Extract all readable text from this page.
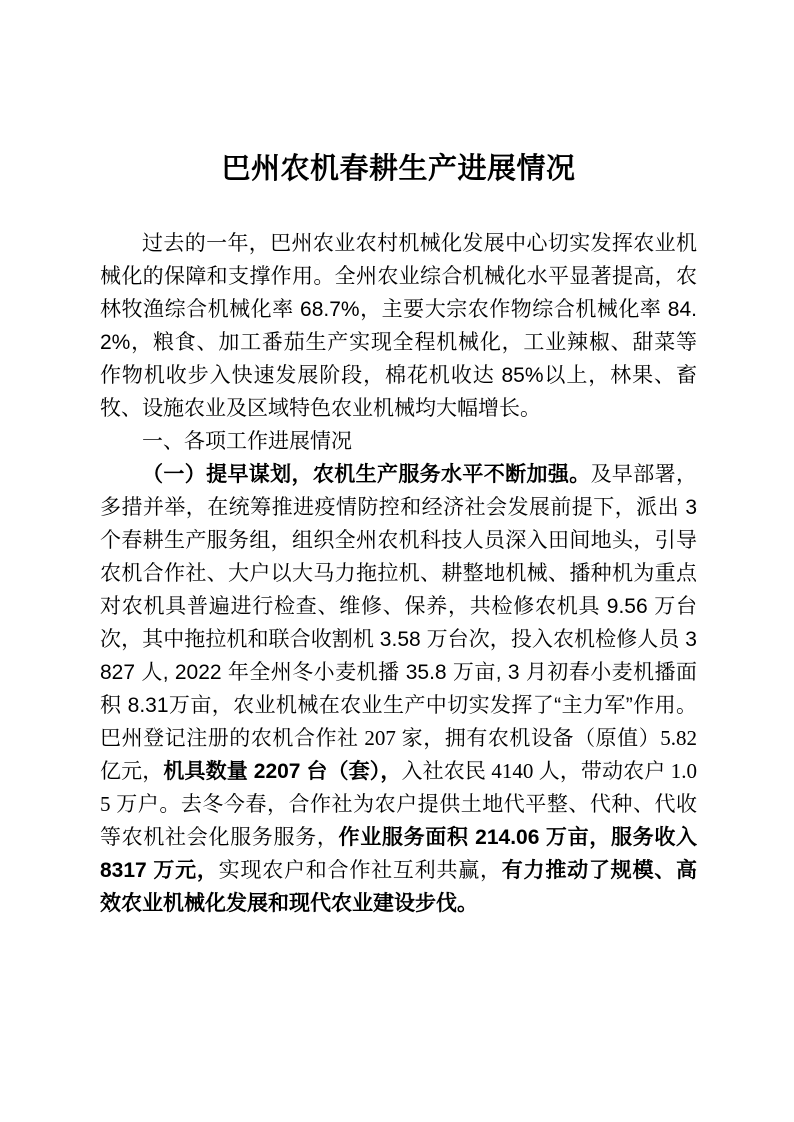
巴州农机春耕生产进展情况

过去的一年，巴州农业农村机械化发展中心切实发挥农业机械化的保障和支撑作用。全州农业综合机械化水平显著提高，农林牧渔综合机械化率 68.7%，主要大宗农作物综合机械化率 84.2%，粮食、加工番茄生产实现全程机械化，工业辣椒、甜菜等作物机收步入快速发展阶段，棉花机收达 85%以上，林果、畜牧、设施农业及区域特色农业机械均大幅增长。

一、各项工作进展情况

（一）提早谋划，农机生产服务水平不断加强。及早部署，多措并举，在统筹推进疫情防控和经济社会发展前提下，派出 3 个春耕生产服务组，组织全州农机科技人员深入田间地头，引导农机合作社、大户以大马力拖拉机、耕整地机械、播种机为重点对农机具普遍进行检查、维修、保养，共检修农机具 9.56 万台次，其中拖拉机和联合收割机 3.58 万台次，投入农机检修人员 3827 人, 2022 年全州冬小麦机播 35.8 万亩, 3 月初春小麦机播面积 8.31万亩，农业机械在农业生产中切实发挥了“主力军”作用。巴州登记注册的农机合作社 207 家，拥有农机设备（原值）5.82 亿元，机具数量 2207 台（套），入社农民 4140 人，带动农户 1.05 万户。去冬今春，合作社为农户提供土地代平整、代种、代收等农机社会化服务服务，作业服务面积 214.06 万亩，服务收入 8317 万元，实现农户和合作社互利共赢，有力推动了规模、高效农业机械化发展和现代农业建设步伐。
